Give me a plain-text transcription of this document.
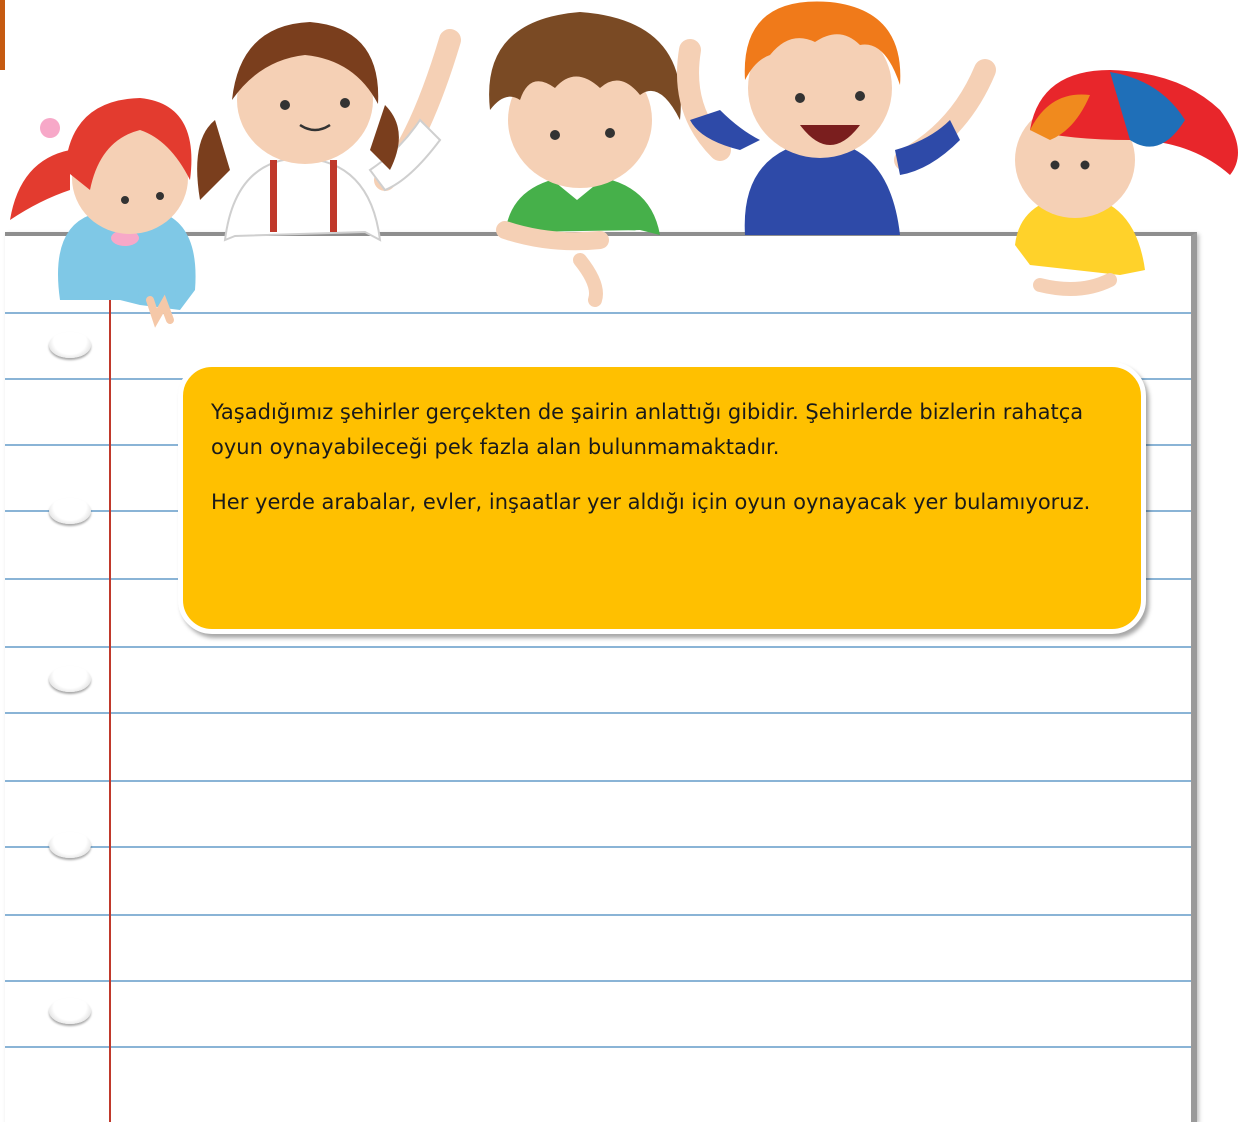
Yaşadığımız şehirler gerçekten de şairin anlattığı gibidir. Şehirlerde bizlerin rahatça oyun oynayabileceği pek fazla alan bulunmamaktadır.

Her yerde arabalar, evler, inşaatlar yer aldığı için oyun oynayacak yer bulamıyoruz.
